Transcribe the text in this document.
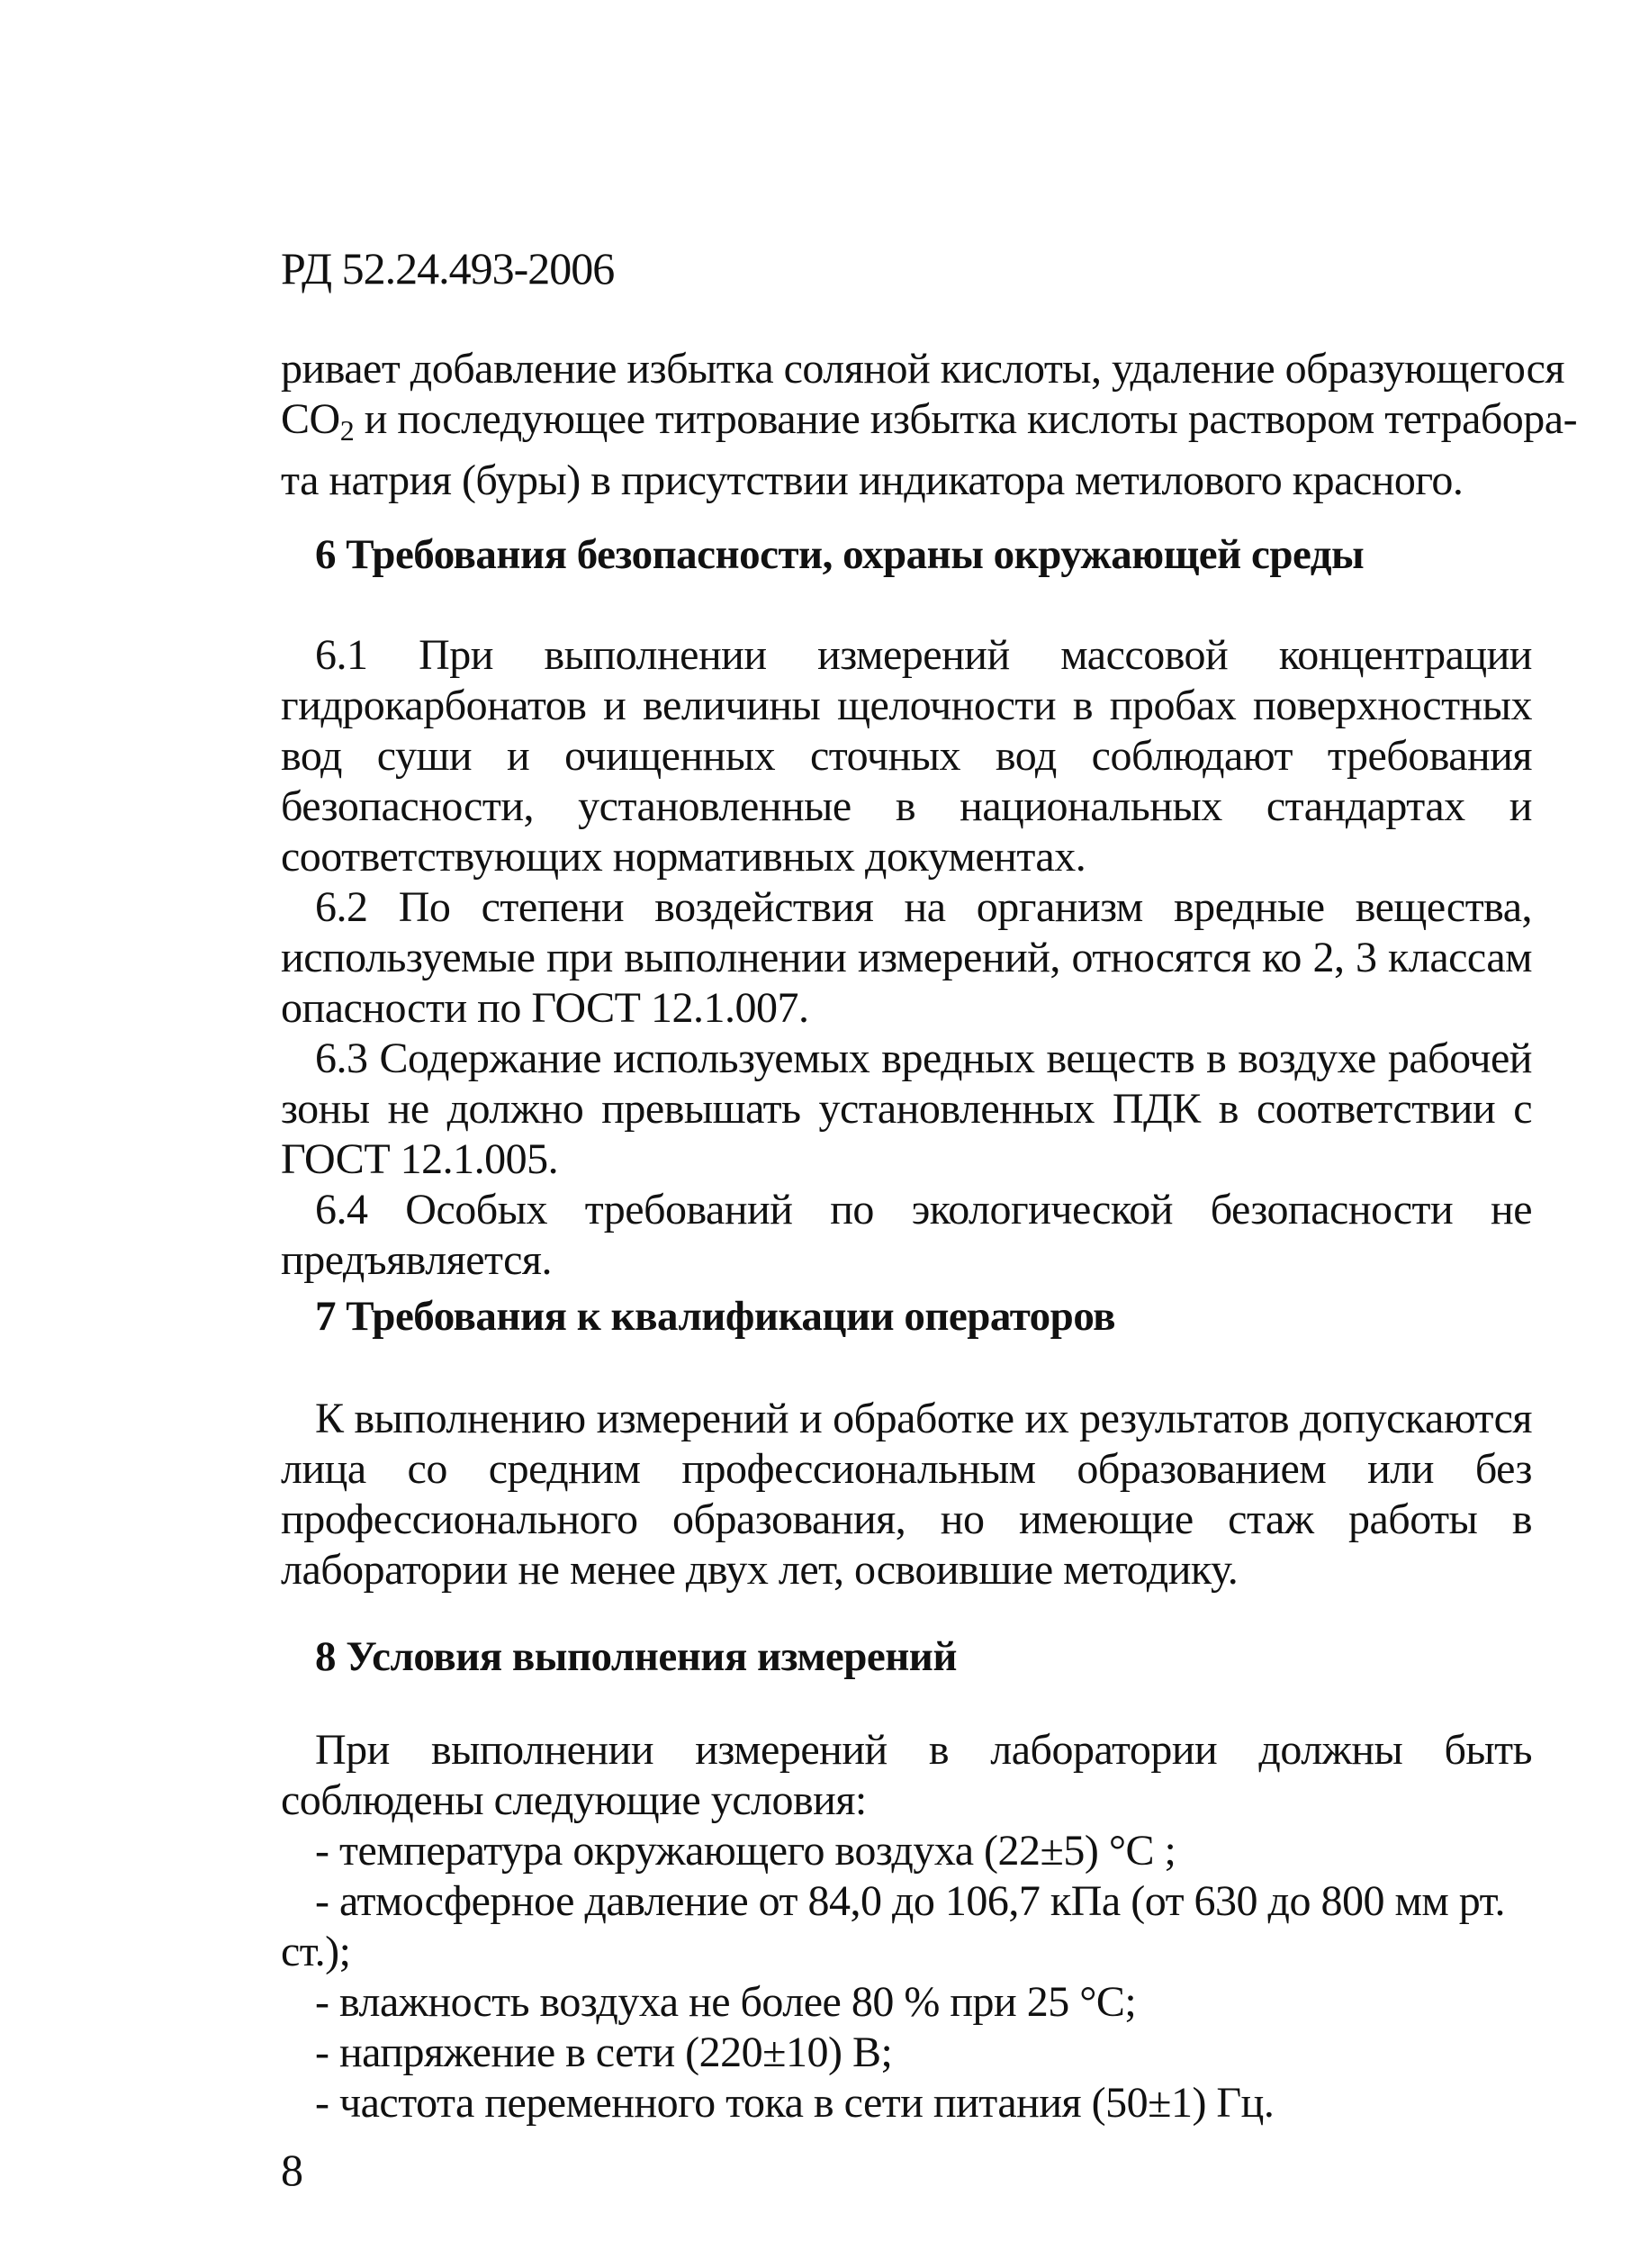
РД 52.24.493-2006
ривает добавление избытка соляной кислоты, удаление образующегося
CO2 и последующее титрование избытка кислоты раствором тетрабора-
та натрия (буры) в присутствии индикатора метилового красного.
6 Требования безопасности, охраны окружающей среды

6.1 При выполнении измерений массовой концентрации гидрокарбонатов и величины щелочности в пробах поверхностных вод суши и очищенных сточных вод соблюдают требования безопасности, установленные в национальных стандартах и соответствующих нормативных документах.

6.2 По степени воздействия на организм вредные вещества, используемые при выполнении измерений, относятся ко 2, 3 классам опасности по ГОСТ 12.1.007.

6.3 Содержание используемых вредных веществ в воздухе рабочей зоны не должно превышать установленных ПДК в соответствии с ГОСТ 12.1.005.

6.4 Особых требований по экологической безопасности не предъявляется.

7 Требования к квалификации операторов

К выполнению измерений и обработке их результатов допускаются лица со средним профессиональным образованием или без профессионального образования, но имеющие стаж работы в лаборатории не менее двух лет, освоившие методику.

8 Условия выполнения измерений

При выполнении измерений в лаборатории должны быть соблюдены следующие условия:

- температура окружающего воздуха (22±5) °С ;
- атмосферное давление от 84,0 до 106,7 кПа (от 630 до 800 мм рт.
ст.);
- влажность воздуха не более 80 % при 25 °С;
- напряжение в сети (220±10) В;
- частота переменного тока в сети питания (50±1) Гц.
8
